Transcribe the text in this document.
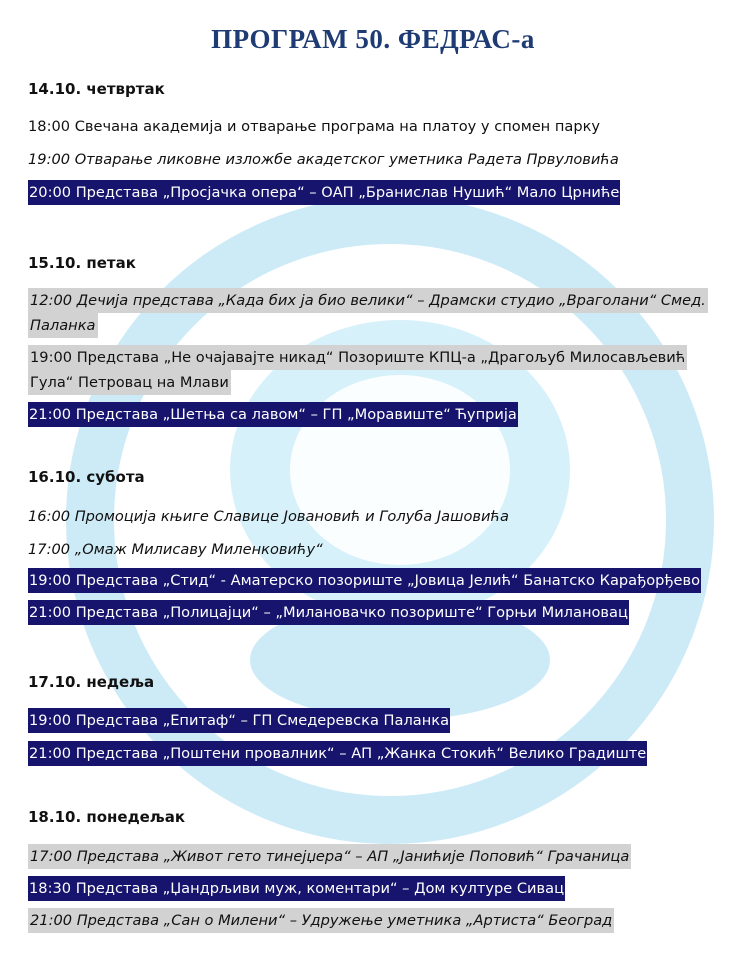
ПРОГРАМ 50. ФЕДРАС-а
14.10. четвртак
18:00 Свечана академија и отварање програма на платоу у спомен парку
19:00 Отварање ликовне изложбе акадетског уметника Радета Првуловића
20:00 Представа „Просјачка опера“ – ОАП „Бранислав Нушић“ Мало Црниће
15.10. петак
12:00 Дечија представа „Када бих ја био велики“ – Драмски студио „Враголани“ Смед.
Паланка
19:00 Представа „Не очајавајте никад“ Позориште КПЦ-а „Драгољуб Милосављевић
Гула“ Петровац на Млави
21:00 Представа „Шетња са лавом“ – ГП „Моравиште“ Ћуприја
16.10. субота
16:00 Промоција књиге Славице Јовановић и Голуба Јашовића
17:00 „Омаж Милисаву Миленковићу“
19:00 Представа „Стид“ - Аматерско позориште „Јовица Јелић“ Банатско Карађорђево
21:00 Представа „Полицајци“ – „Милановачко позориште“ Горњи Милановац
17.10. недеља
19:00 Представа „Епитаф“ – ГП Смедеревска Паланка
21:00 Представа „Поштени провалник“ – АП „Жанка Стокић“ Велико Градиште
18.10. понедељак
17:00 Представа „Живот гето тинејџера“ – АП „Јанићије Поповић“ Грачаница
18:30 Представа „Џандрљиви муж, коментари“ – Дом културе Сивац
21:00 Представа „Сан о Милени“ – Удружење уметника „Артиста“ Београд
